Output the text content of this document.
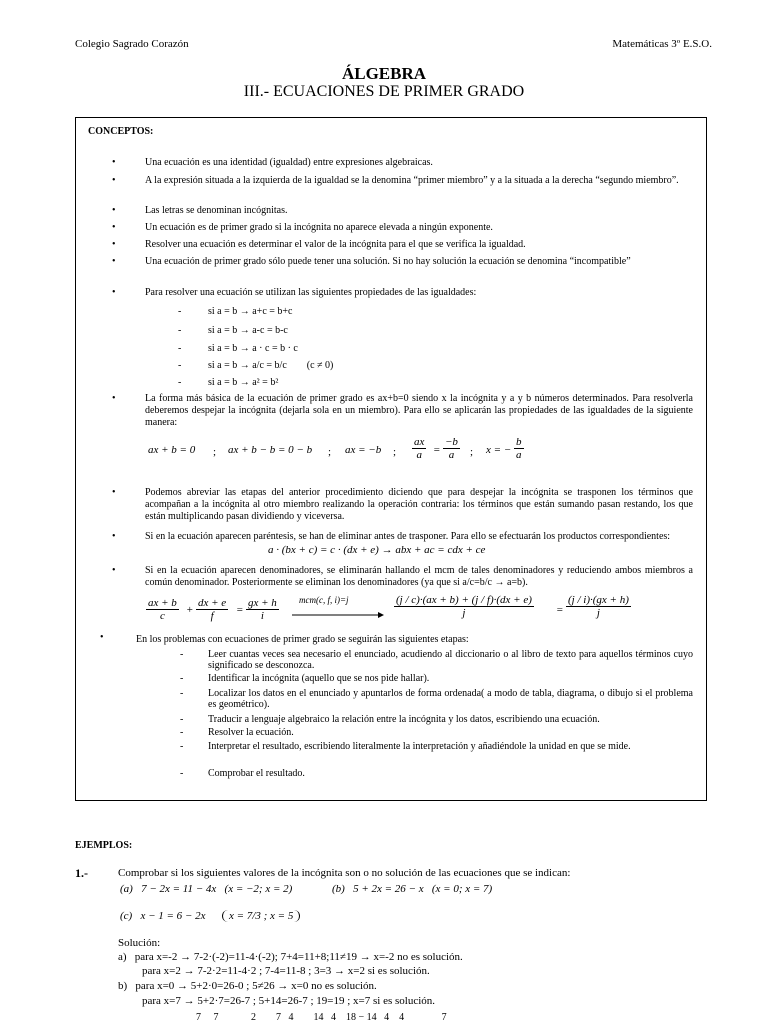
Colegio Sagrado Corazón	Matemáticas 3º E.S.O.
ÁLGEBRA
III.- ECUACIONES DE PRIMER GRADO
CONCEPTOS:
•	Una ecuación es una identidad (igualdad) entre expresiones algebraicas.
•	A la expresión situada a la izquierda de la igualdad se la denomina “primer miembro” y a la situada a la derecha “segundo miembro”.
•	Las letras se denominan incógnitas.
•	Un ecuación es de primer grado si la incógnita no aparece elevada a ningún exponente.
•	Resolver una ecuación es determinar el valor de la incógnita para el que se verifica la igualdad.
•	Una ecuación de primer grado sólo puede tener una solución. Si no hay solución la ecuación se denomina “incompatible”
•	Para resolver una ecuación se utilizan las siguientes propiedades de las igualdades:
-	si a = b → a+c = b+c
-	si a = b → a-c = b-c
-	si a = b → a · c = b · c
-	si a = b → a/c = b/c        (c ≠ 0)
-	si a = b → a² = b²
•	La forma más básica de la ecuación de primer grado es ax+b=0 siendo x la incógnita y a y b números determinados. Para resolverla deberemos despejar la incógnita (dejarla sola en un miembro). Para ello se aplicarán las propiedades de las igualdades de la siguiente manera:
ax + b = 0 ; ax + b − b = 0 − b ; ax = −b ; $\frac{ax}{a} = \frac{-b}{a}$ ; x = − $\frac{b}{a}$
•	Podemos abreviar las etapas del anterior procedimiento diciendo que para despejar la incógnita se trasponen los términos que acompañan a la incógnita al otro miembro realizando la operación contraria: los términos que están sumando pasan restando, los que están multiplicando pasan dividiendo y viceversa.
•	Si en la ecuación aparecen paréntesis, se han de eliminar antes de trasponer. Para ello se efectuarán los productos correspondientes:
a · (bx + c) = c · (dx + e) → abx + ac = cdx + ce
•	Si en la ecuación aparecen denominadores, se eliminarán hallando el mcm de tales denominadores y reduciendo ambos miembros a común denominador. Posteriormente se eliminan los denominadores (ya que si a/c=b/c → a=b).
$\frac{ax + b}{c} + \frac{dx + e}{f} = \frac{gx + h}{i} mcm(c$, f, i)=j	$\frac{(j / c)\cdot(ax + b) + (j / f)\cdot(dx + e)}{j} = \frac{(j / i)\cdot(gx + h)}{j}$
•	En los problemas con ecuaciones de primer grado se seguirán las siguientes etapas:
- Leer cuantas veces sea necesario el enunciado, acudiendo al diccionario o al libro de texto para aquellos términos cuyo significado se desconozca.
- Identificar la incógnita (aquello que se nos pide hallar).
- Localizar los datos en el enunciado y apuntarlos de forma ordenada( a modo de tabla, diagrama, o dibujo si el problema es geométrico).
- Traducir a lenguaje algebraico la relación entre la incógnita y los datos, escribiendo una ecuación.
- Resolver la ecuación.
- Interpretar el resultado, escribiendo literalmente la interpretación y añadiéndole la unidad en que se mide.
- Comprobar el resultado.
EJEMPLOS:
1.-	Comprobar si los siguientes valores de la incógnita son o no solución de las ecuaciones que se indican:
(a)   7 − 2x = 11 − 4x   (x = −2; x = 2)	(b)   5 + 2x = 26 − x   (x = 0; x = 7)
(c)   x − 1 = 6 − 2x	x = 7/3 ; x = 5
Solución:
a)   para x=-2 → 7-2·(-2)=11-4·(-2); 7+4=11+8;11≠19 → x=-2 no es solución.
para x=2 → 7-2·2=11-4·2 ; 7-4=11-8 ; 3=3 → x=2 si es solución.
b)   para x=0 → 5+2·0=26-0 ; 5≠26 → x=0 no es solución.
para x=7 → 5+2·7=26-7 ; 5+14=26-7 ; 19=19 ; x=7 si es solución.
7     7             2        7   4        14   4    18 − 14   4    4               7
